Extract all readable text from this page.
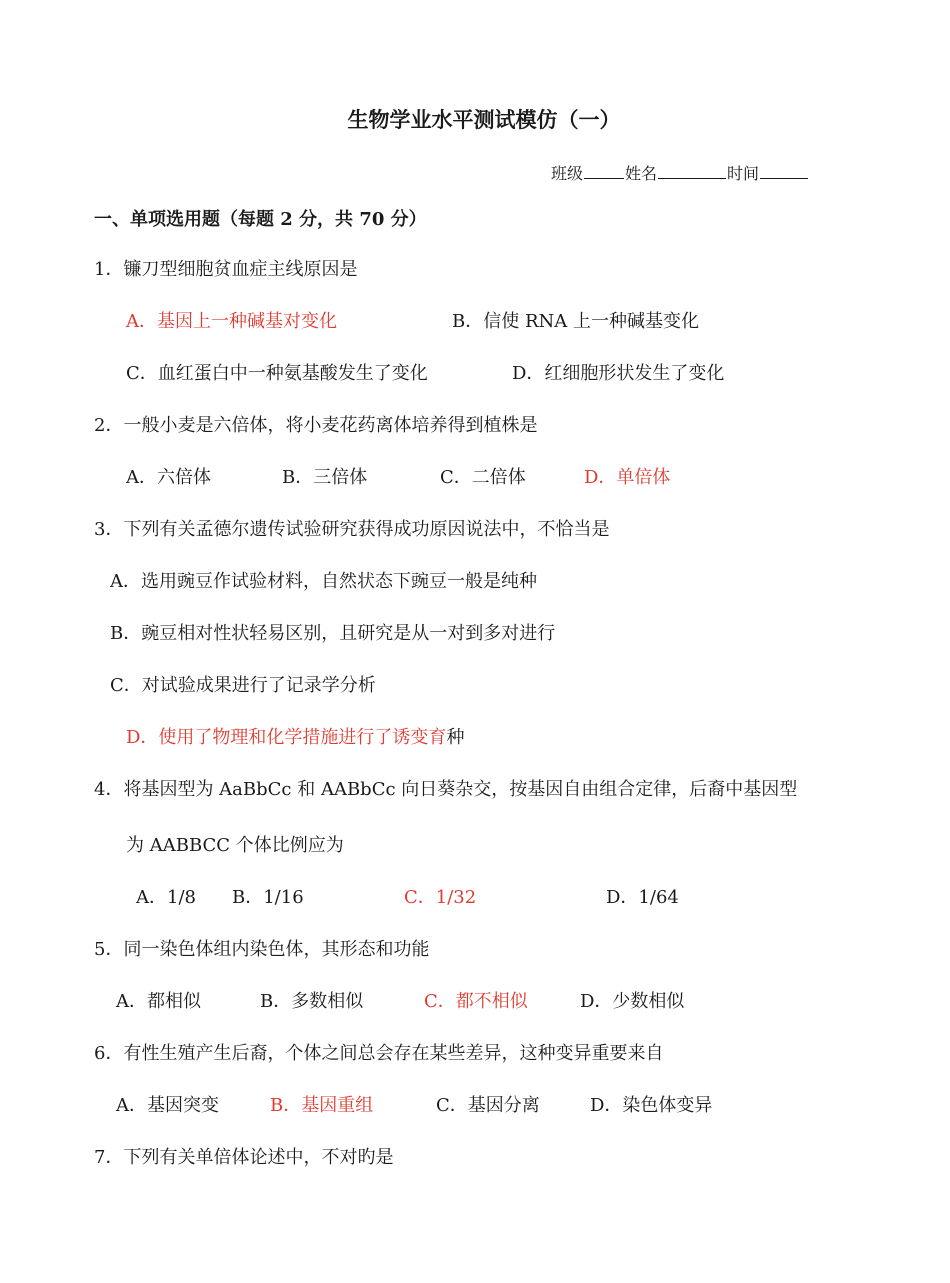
生物学业水平测试模仿（一）
班级	姓名	时间
一、单项选用题（每题 2 分，共 70 分）
1．镰刀型细胞贫血症主线原因是
A．基因上一种碱基对变化	B．信使 RNA 上一种碱基变化
C．血红蛋白中一种氨基酸发生了变化	D．红细胞形状发生了变化
2．一般小麦是六倍体，将小麦花药离体培养得到植株是
A．六倍体	B．三倍体	C．二倍体	D．单倍体
3．下列有关孟德尔遗传试验研究获得成功原因说法中，不恰当是
A．选用豌豆作试验材料，自然状态下豌豆一般是纯种
B．豌豆相对性状轻易区别，且研究是从一对到多对进行
C．对试验成果进行了记录学分析
D．使用了物理和化学措施进行了诱变育种
4．将基因型为 AaBbCc 和 AABbCc 向日葵杂交，按基因自由组合定律，后裔中基因型
为 AABBCC 个体比例应为
A．1/8 B．1/16	C．1/32	D．1/64
5．同一染色体组内染色体，其形态和功能
A．都相似	B．多数相似	C．都不相似	D．少数相似
6．有性生殖产生后裔，个体之间总会存在某些差异，这种变异重要来自
A．基因突变	B．基因重组	C．基因分离	D．染色体变异
7．下列有关单倍体论述中，不对旳是
